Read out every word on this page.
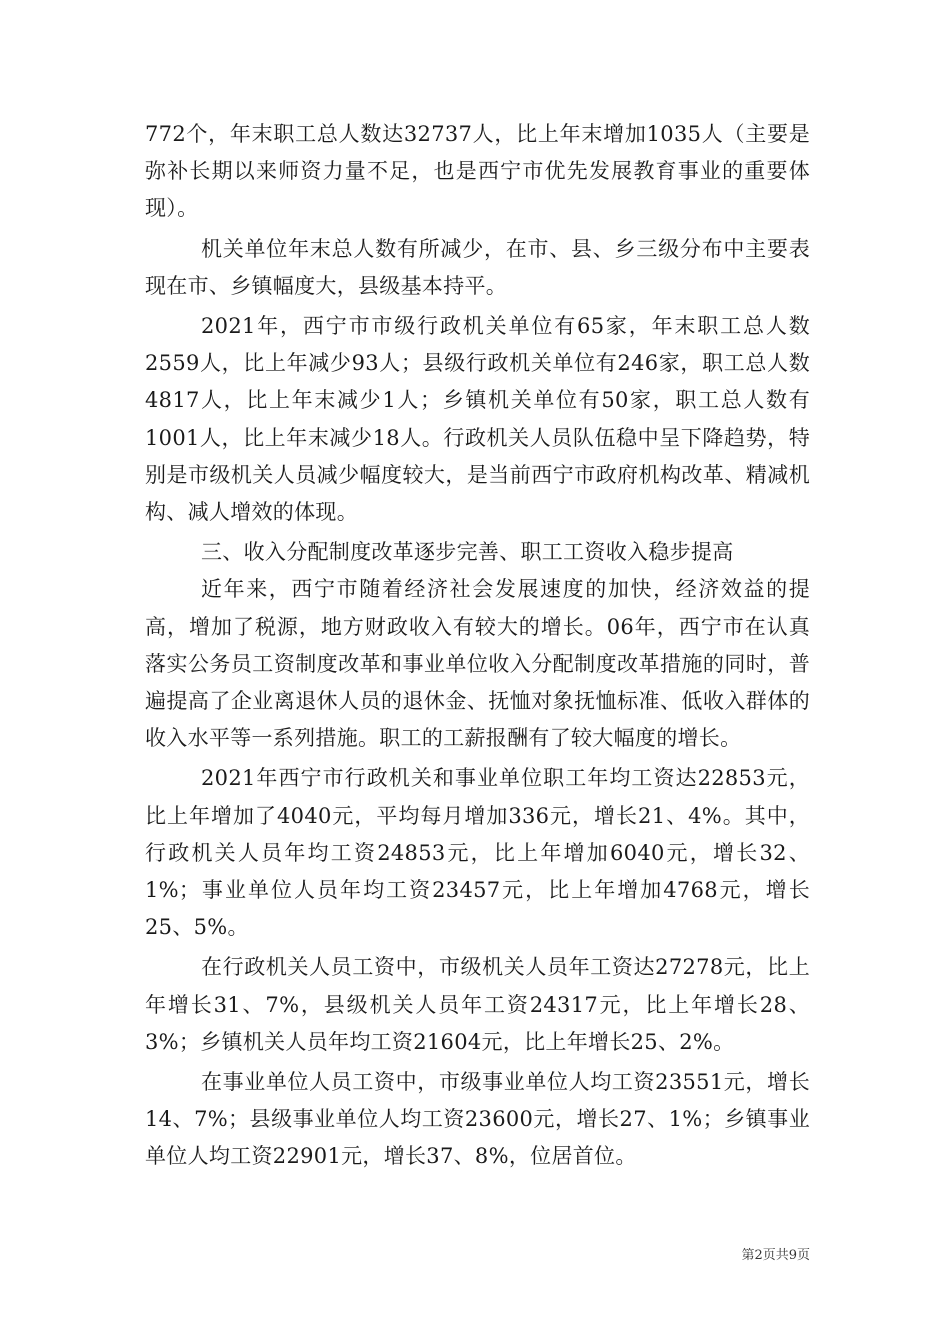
772个，年末职工总人数达32737人，比上年末增加1035人（主要是弥补长期以来师资力量不足，也是西宁市优先发展教育事业的重要体现）。

机关单位年末总人数有所减少，在市、县、乡三级分布中主要表现在市、乡镇幅度大，县级基本持平。

2021年，西宁市市级行政机关单位有65家，年末职工总人数2559人，比上年减少93人；县级行政机关单位有246家，职工总人数4817人，比上年末减少1人；乡镇机关单位有50家，职工总人数有1001人，比上年末减少18人。行政机关人员队伍稳中呈下降趋势，特别是市级机关人员减少幅度较大，是当前西宁市政府机构改革、精减机构、减人增效的体现。

三、收入分配制度改革逐步完善、职工工资收入稳步提高

近年来，西宁市随着经济社会发展速度的加快，经济效益的提高，增加了税源，地方财政收入有较大的增长。06年，西宁市在认真落实公务员工资制度改革和事业单位收入分配制度改革措施的同时，普遍提高了企业离退休人员的退休金、抚恤对象抚恤标准、低收入群体的收入水平等一系列措施。职工的工薪报酬有了较大幅度的增长。

2021年西宁市行政机关和事业单位职工年均工资达22853元，比上年增加了4040元，平均每月增加336元，增长21、4%。其中，行政机关人员年均工资24853元，比上年增加6040元，增长32、1%；事业单位人员年均工资23457元，比上年增加4768元，增长25、5%。

在行政机关人员工资中，市级机关人员年工资达27278元，比上年增长31、7%，县级机关人员年工资24317元，比上年增长28、3%；乡镇机关人员年均工资21604元，比上年增长25、2%。

在事业单位人员工资中，市级事业单位人均工资23551元，增长14、7%；县级事业单位人均工资23600元，增长27、1%；乡镇事业单位人均工资22901元，增长37、8%，位居首位。

第2页共9页
